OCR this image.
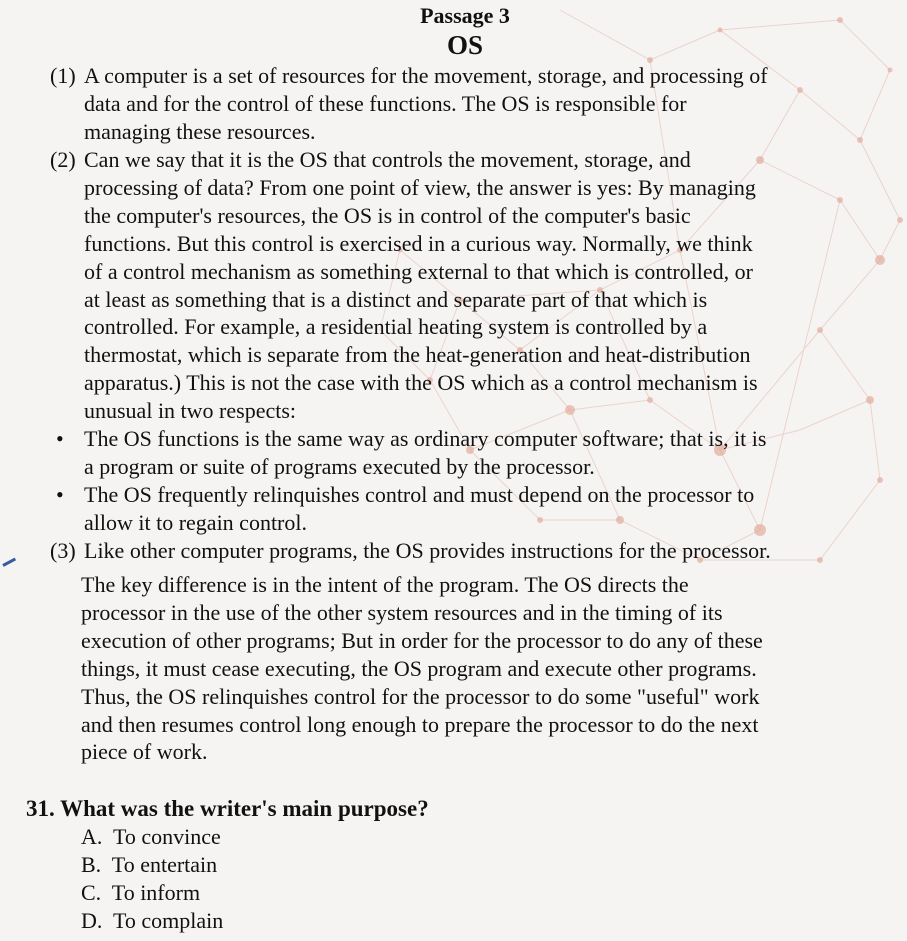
Passage 3
OS
(1) A computer is a set of resources for the movement, storage, and processing of
data and for the control of these functions. The OS is responsible for
managing these resources.
(2) Can we say that it is the OS that controls the movement, storage, and
processing of data? From one point of view, the answer is yes: By managing
the computer's resources, the OS is in control of the computer's basic
functions. But this control is exercised in a curious way. Normally, we think
of a control mechanism as something external to that which is controlled, or
at least as something that is a distinct and separate part of that which is
controlled. For example, a residential heating system is controlled by a
thermostat, which is separate from the heat-generation and heat-distribution
apparatus.) This is not the case with the OS which as a control mechanism is
unusual in two respects:
• The OS functions is the same way as ordinary computer software; that is, it is
a program or suite of programs executed by the processor.
• The OS frequently relinquishes control and must depend on the processor to
allow it to regain control.
(3) Like other computer programs, the OS provides instructions for the processor.
The key difference is in the intent of the program. The OS directs the
processor in the use of the other system resources and in the timing of its
execution of other programs; But in order for the processor to do any of these
things, it must cease executing, the OS program and execute other programs.
Thus, the OS relinquishes control for the processor to do some "useful" work
and then resumes control long enough to prepare the processor to do the next
piece of work.
31. What was the writer's main purpose?
A. To convince
B. To entertain
C. To inform
D. To complain
